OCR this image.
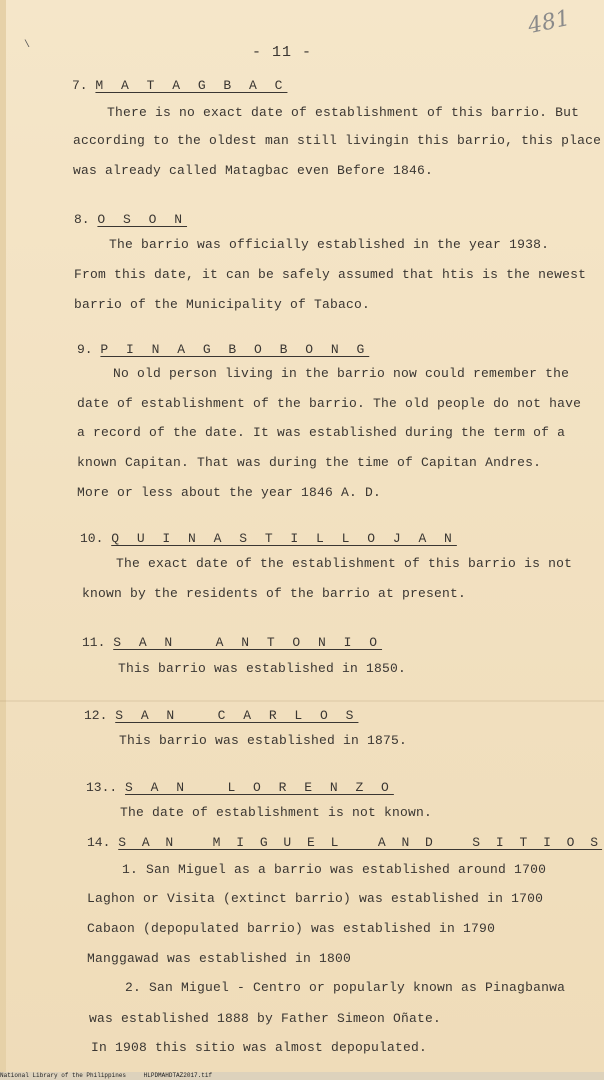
\	- 11 -
481
7. M A T A G B A C
There is no exact date of establishment of this barrio. But
according to the oldest man still livingin this barrio, this place
was already called Matagbac even Before 1846.
8. O S O N
The barrio was officially established in the year 1938.
From this date, it can be safely assumed that htis is the newest
barrio of the Municipality of Tabaco.
9. P I N A G B O B O N G
No old person living in the barrio now could remember the
date of establishment of the barrio. The old people do not have
a record of the date. It was established during the term of a
known Capitan. That was during the time of Capitan Andres.
More or less about the year 1846 A. D.
10. Q U I N A S T I L L O J A N
The exact date of the establishment of this barrio is not
known by the residents of the barrio at present.
11. S A N   A N T O N I O
This barrio was established in 1850.
12. S A N   C A R L O S
This barrio was established in 1875.
13.. S A N   L O R E N Z O
The date of establishment is not known.
14. S A N   M I G U E L   A N D   S I T I O S
1. San Miguel as a barrio was established around 1700
Laghon or Visita (extinct barrio) was established in 1700
Cabaon (depopulated barrio) was established in 1790
Manggawad was established in 1800
2. San Miguel - Centro or popularly known as Pinagbanwa
was established 1888 by Father Simeon Oñate.
In 1908 this sitio was almost depopulated.
National Library of the Philippines	HLPDMAHDTAZ2017.tif
